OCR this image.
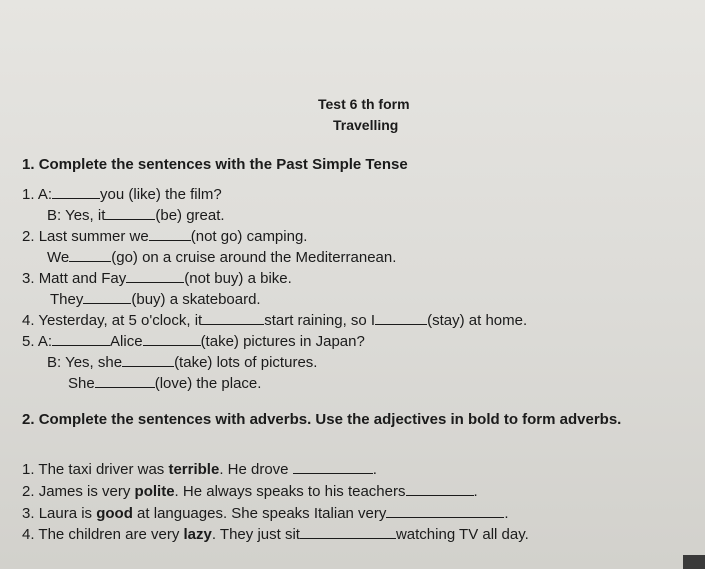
Test 6 th form
Travelling
1. Complete the sentences with the Past Simple Tense
1. A:	you (like) the film?
B: Yes, it	(be) great.
2. Last summer we	(not go) camping.
We	(go) on a cruise around the Mediterranean.
3. Matt and Fay	(not buy) a bike.
They	(buy) a skateboard.
4. Yesterday, at 5 o'clock, it	start raining, so I	(stay) at home.
5. A:	Alice	(take) pictures in Japan?
B: Yes, she	(take) lots of pictures.
She	(love) the place.
2. Complete the sentences with adverbs. Use the adjectives in bold to form adverbs.
1. The taxi driver was terrible. He drove	.
2. James is very polite. He always speaks to his teachers	.
3. Laura is good at languages. She speaks Italian very	.
4. The children are very lazy. They just sit	watching TV all day.
